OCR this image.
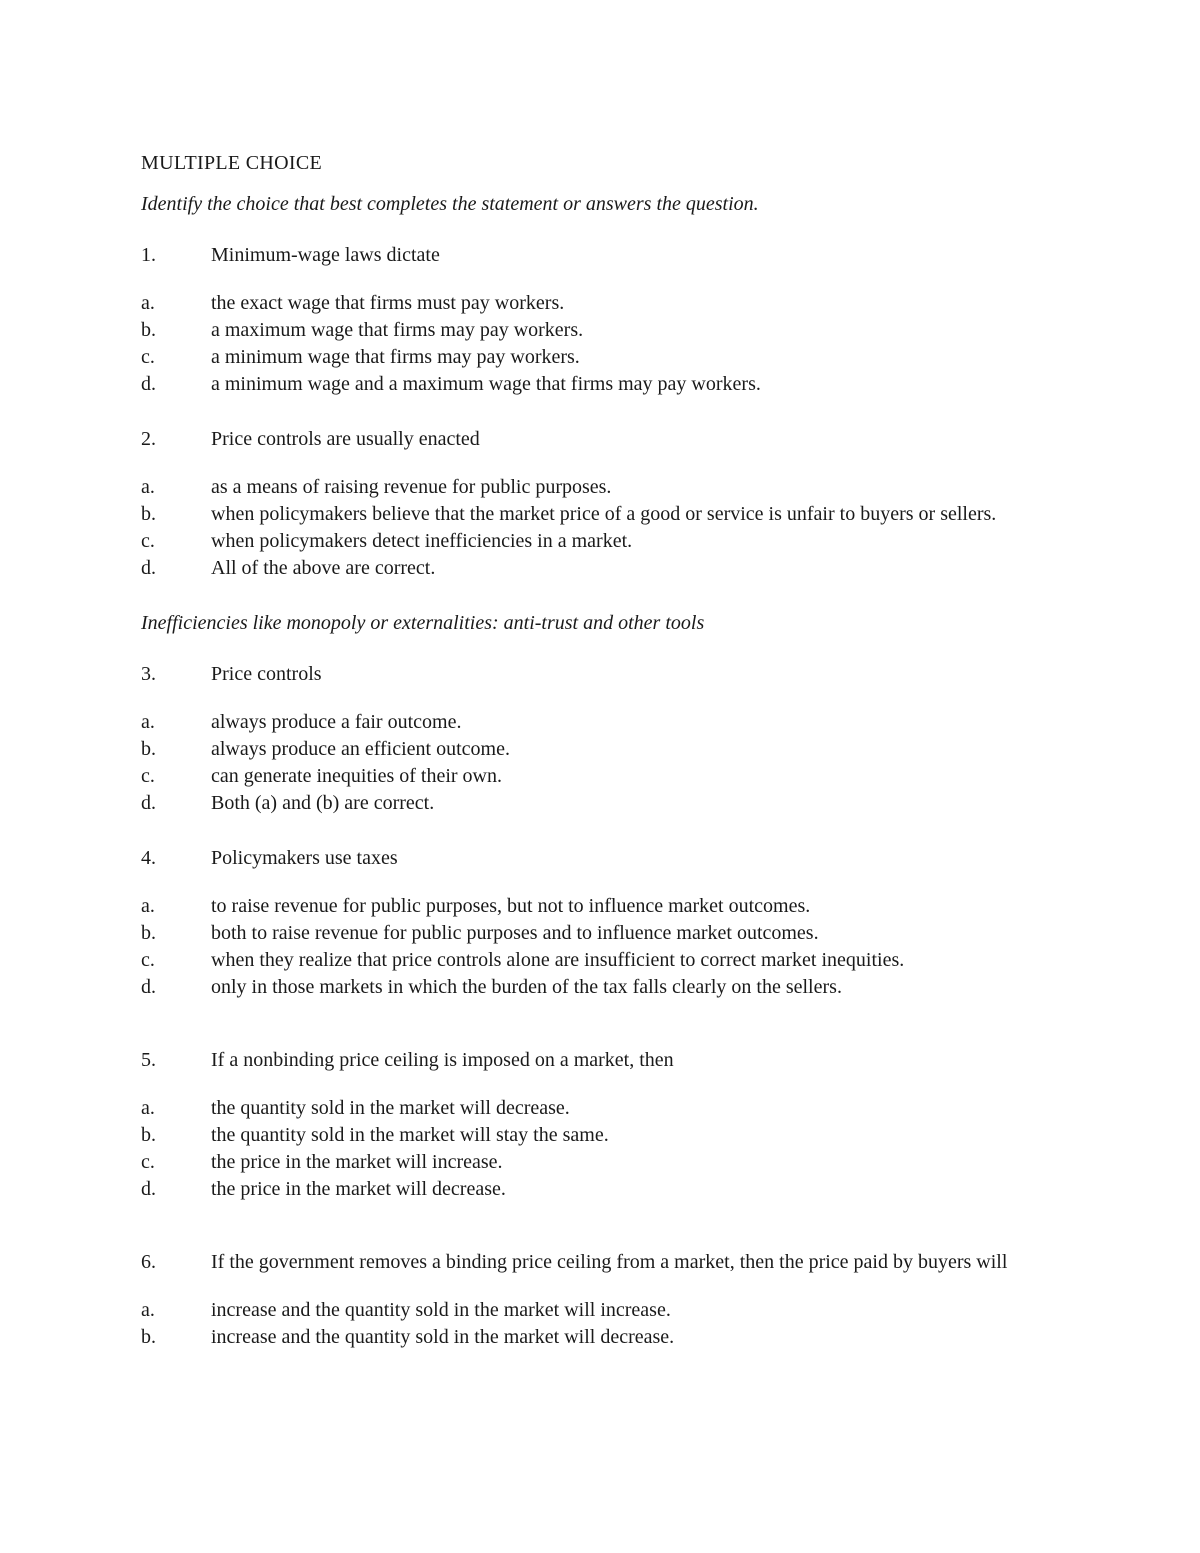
MULTIPLE CHOICE
Identify the choice that best completes the statement or answers the question.
1.	Minimum-wage laws dictate
a.	the exact wage that firms must pay workers.
b.	a maximum wage that firms may pay workers.
c.	a minimum wage that firms may pay workers.
d.	a minimum wage and a maximum wage that firms may pay workers.
2.	Price controls are usually enacted
a.	as a means of raising revenue for public purposes.
b.	when policymakers believe that the market price of a good or service is unfair to buyers or sellers.
c.	when policymakers detect inefficiencies in a market.
d.	All of the above are correct.
Inefficiencies like monopoly or externalities: anti-trust and other tools
3.	Price controls
a.	always produce a fair outcome.
b.	always produce an efficient outcome.
c.	can generate inequities of their own.
d.	Both (a) and (b) are correct.
4.	Policymakers use taxes
a.	to raise revenue for public purposes, but not to influence market outcomes.
b.	both to raise revenue for public purposes and to influence market outcomes.
c.	when they realize that price controls alone are insufficient to correct market inequities.
d.	only in those markets in which the burden of the tax falls clearly on the sellers.
5.	If a nonbinding price ceiling is imposed on a market, then
a.	the quantity sold in the market will decrease.
b.	the quantity sold in the market will stay the same.
c.	the price in the market will increase.
d.	the price in the market will decrease.
6.	If the government removes a binding price ceiling from a market, then the price paid by buyers will
a.	increase and the quantity sold in the market will increase.
b.	increase and the quantity sold in the market will decrease.
